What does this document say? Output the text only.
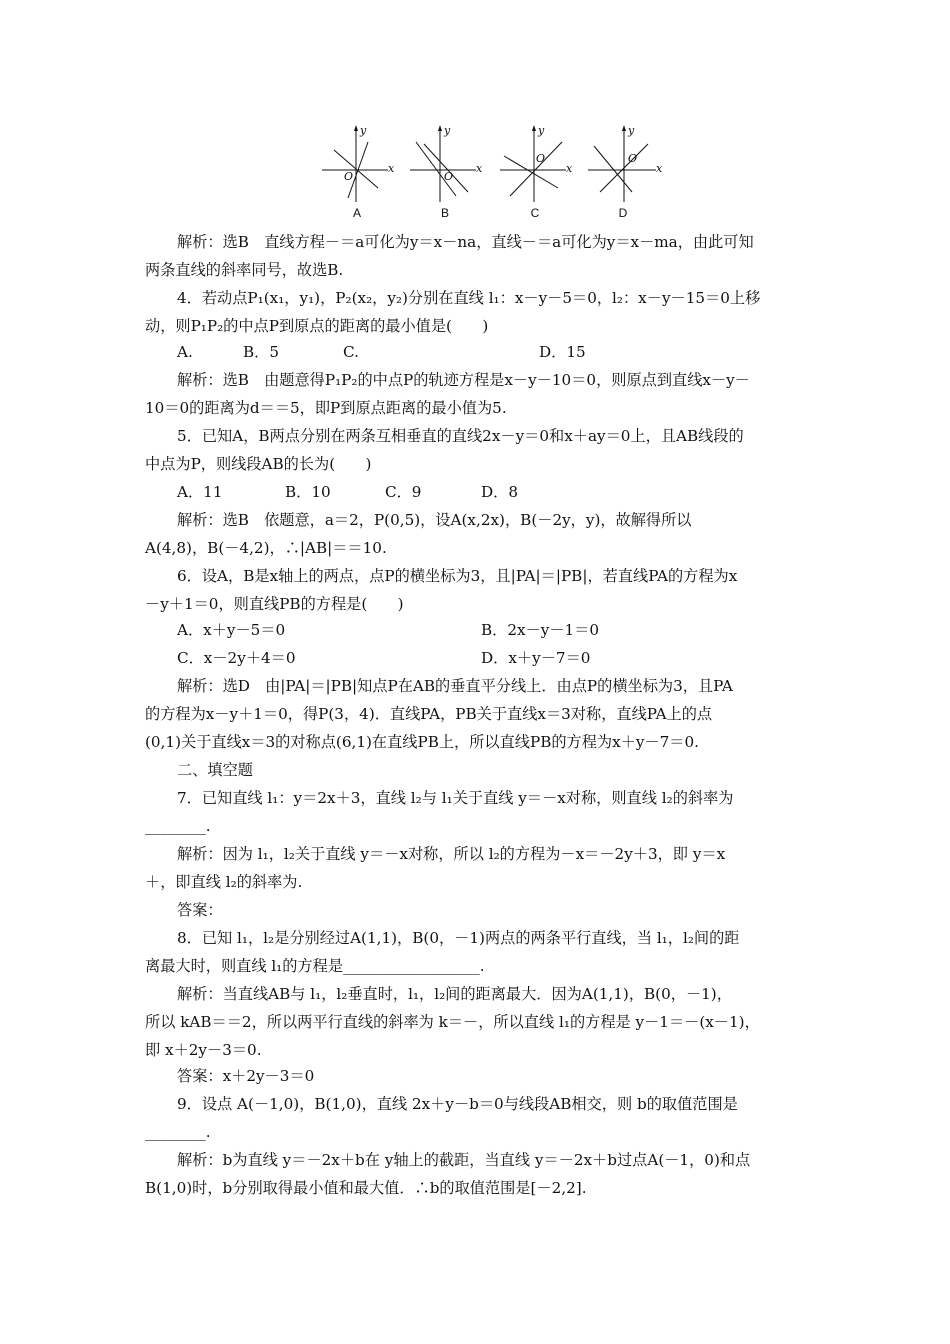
y
O
x
A
y
O
x
B
y
O
x
C
y
O
x
D
解析：选B　直线方程－＝a可化为y＝x－na，直线－＝a可化为y＝x－ma，由此可知
两条直线的斜率同号，故选B.
4．若动点P₁(x₁，y₁)，P₂(x₂，y₂)分别在直线 l₁：x－y－5＝0，l₂：x－y－15＝0上移
动，则P₁P₂的中点P到原点的距离的最小值是(　　)
A.	B．5	C.	D．15
解析：选B　由题意得P₁P₂的中点P的轨迹方程是x－y－10＝0，则原点到直线x－y－
10＝0的距离为d＝＝5，即P到原点距离的最小值为5.
5．已知A，B两点分别在两条互相垂直的直线2x－y＝0和x＋ay＝0上，且AB线段的
中点为P，则线段AB的长为(　　)
A．11	B．10	C．9	D．8
解析：选B　依题意，a＝2，P(0,5)，设A(x,2x)，B(－2y，y)，故解得所以
A(4,8)，B(－4,2)，∴|AB|＝＝10.
6．设A，B是x轴上的两点，点P的横坐标为3，且|PA|＝|PB|，若直线PA的方程为x
－y＋1＝0，则直线PB的方程是(　　)
A．x＋y－5＝0	B．2x－y－1＝0
C．x－2y＋4＝0	D．x＋y－7＝0
解析：选D　由|PA|＝|PB|知点P在AB的垂直平分线上．由点P的横坐标为3，且PA
的方程为x－y＋1＝0，得P(3，4)．直线PA，PB关于直线x＝3对称，直线PA上的点
(0,1)关于直线x＝3的对称点(6,1)在直线PB上，所以直线PB的方程为x＋y－7＝0.
二、填空题
7．已知直线 l₁：y＝2x＋3，直线 l₂与 l₁关于直线 y＝－x对称，则直线 l₂的斜率为
________.
解析：因为 l₁，l₂关于直线 y＝－x对称，所以 l₂的方程为－x＝－2y＋3，即 y＝x
＋，即直线 l₂的斜率为.
答案：
8．已知 l₁，l₂是分别经过A(1,1)，B(0，－1)两点的两条平行直线，当 l₁，l₂间的距
离最大时，则直线 l₁的方程是__________________.
解析：当直线AB与 l₁，l₂垂直时，l₁，l₂间的距离最大．因为A(1,1)，B(0，－1)，
所以 kAB＝＝2，所以两平行直线的斜率为 k＝－，所以直线 l₁的方程是 y－1＝－(x－1)，
即 x＋2y－3＝0.
答案：x＋2y－3＝0
9．设点 A(－1,0)，B(1,0)，直线 2x＋y－b＝0与线段AB相交，则 b的取值范围是
________.
解析：b为直线 y＝－2x＋b在 y轴上的截距，当直线 y＝－2x＋b过点A(－1，0)和点
B(1,0)时，b分别取得最小值和最大值．∴b的取值范围是[－2,2].
